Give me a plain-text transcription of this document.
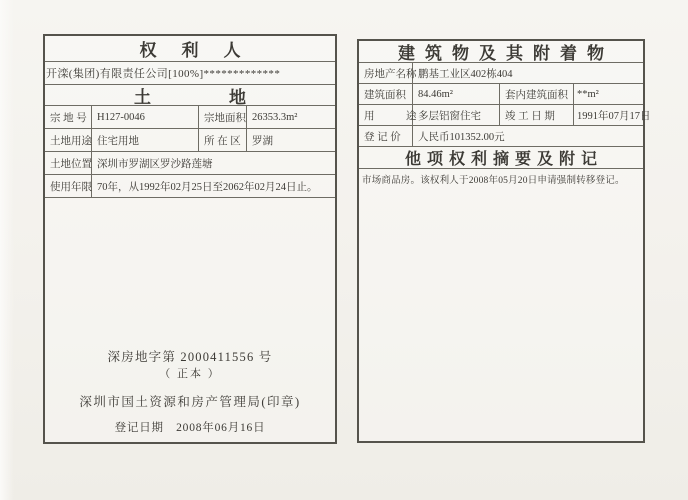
权利人
开滦(集团)有限责任公司[100%]*************
土地
宗 地 号 H127-0046	宗地面积 26353.3m²
土地用途 住宅用地	所 在 区 罗湖
土地位置 深圳市罗湖区罗沙路莲塘
使用年限 70年，从1992年02月25日至2062年02月24日止。
深房地字第 2000411556 号
（ 正本 ）
深圳市国土资源和房产管理局(印章)
登记日期　2008年06月16日
建筑物及其附着物
房地产名称 鹏基工业区402栋404
建筑面积 84.46m²	套内建筑面积 **m²
用　　　途 多层铝窗住宅 竣 工 日 期 1991年07月17日
登 记 价 人民币101352.00元
他项权利摘要及附记
市场商品房。该权利人于2008年05月20日申请强制转移登记。
